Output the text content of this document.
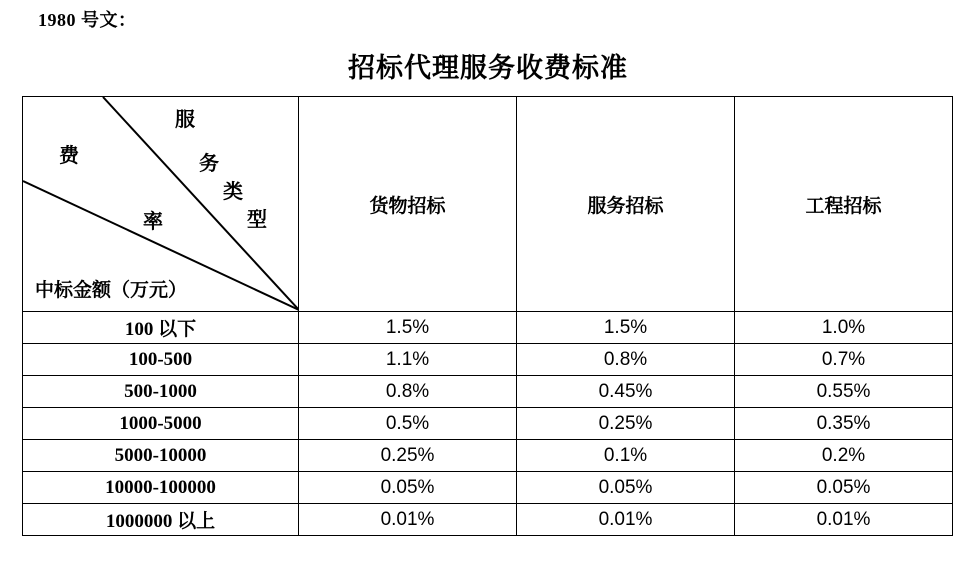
1980 号文：
招标代理服务收费标准
服
务
类
型
费
率
中标金额（万元）
	货物招标	服务招标	工程招标
100 以下	1.5%	1.5%	1.0%
100-500	1.1%	0.8%	0.7%
500-1000	0.8%	0.45%	0.55%
1000-5000	0.5%	0.25%	0.35%
5000-10000	0.25%	0.1%	0.2%
10000-100000	0.05%	0.05%	0.05%
1000000 以上	0.01%	0.01%	0.01%
